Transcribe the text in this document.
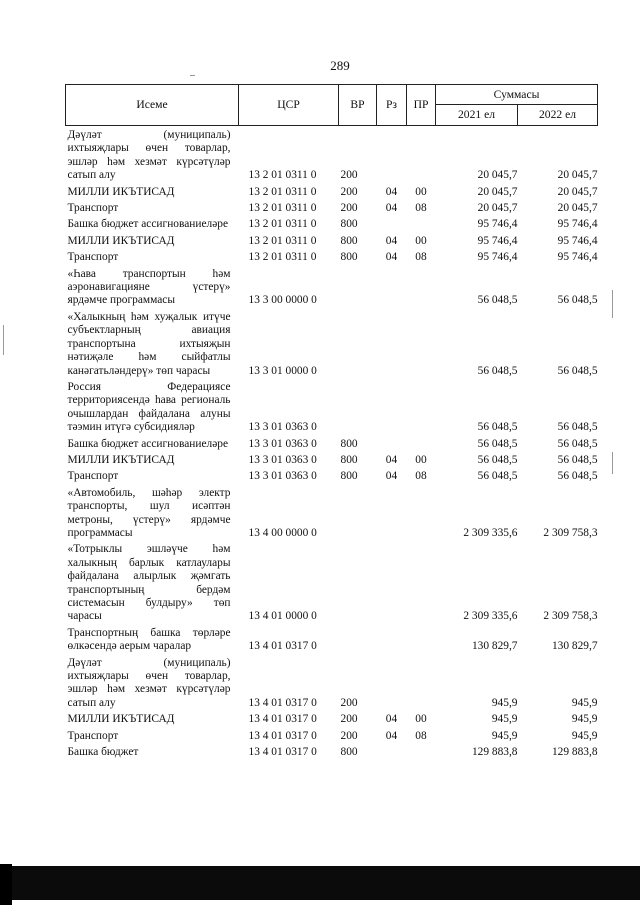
289
Исеме	ЦСР	ВР	Рз	ПР	Суммасы	
					2021 ел	2022 ел
Дәүләт (муниципаль) ихтыяҗлары өчен товарлар, эшләр һәм хезмәт күрсәтүләр сатып алу	13 2 01 0311 0	200			20 045,7	20 045,7
МИЛЛИ ИКЪТИСАД	13 2 01 0311 0	200	04	00	20 045,7	20 045,7
Транспорт	13 2 01 0311 0	200	04	08	20 045,7	20 045,7
Башка бюджет ассигнованиеләре	13 2 01 0311 0	800			95 746,4	95 746,4
МИЛЛИ ИКЪТИСАД	13 2 01 0311 0	800	04	00	95 746,4	95 746,4
Транспорт	13 2 01 0311 0	800	04	08	95 746,4	95 746,4
«Һава транспортын һәм аэронавигацияне үстерү» ярдәмче программасы	13 3 00 0000 0				56 048,5	56 048,5
«Халыкның һәм хуҗалык итүче субъектларның авиация транспортына ихтыяҗын нәтиҗәле һәм сыйфатлы канәгатьләндерү» төп чарасы	13 3 01 0000 0				56 048,5	56 048,5
Россия Федерациясе территориясендә һава региональ очышлардан файдалана алуны тәэмин итүгә субсидияләр	13 3 01 0363 0				56 048,5	56 048,5
Башка бюджет ассигнованиеләре	13 3 01 0363 0	800			56 048,5	56 048,5
МИЛЛИ ИКЪТИСАД	13 3 01 0363 0	800	04	00	56 048,5	56 048,5
Транспорт	13 3 01 0363 0	800	04	08	56 048,5	56 048,5
«Автомобиль, шәһәр электр транспорты, шул исәптән метроны, үстерү» ярдәмче программасы	13 4 00 0000 0				2 309 335,6	2 309 758,3
«Тотрыклы эшләүче һәм халыкның барлык катлаулары файдалана алырлык җәмгать транспортының бердәм системасын булдыру» төп чарасы	13 4 01 0000 0				2 309 335,6	2 309 758,3
Транспортның башка төрләре өлкәсендә аерым чаралар	13 4 01 0317 0				130 829,7	130 829,7
Дәүләт (муниципаль) ихтыяҗлары өчен товарлар, эшләр һәм хезмәт күрсәтүләр сатып алу	13 4 01 0317 0	200			945,9	945,9
МИЛЛИ ИКЪТИСАД	13 4 01 0317 0	200	04	00	945,9	945,9
Транспорт	13 4 01 0317 0	200	04	08	945,9	945,9
Башка бюджет	13 4 01 0317 0	800			129 883,8	129 883,8
